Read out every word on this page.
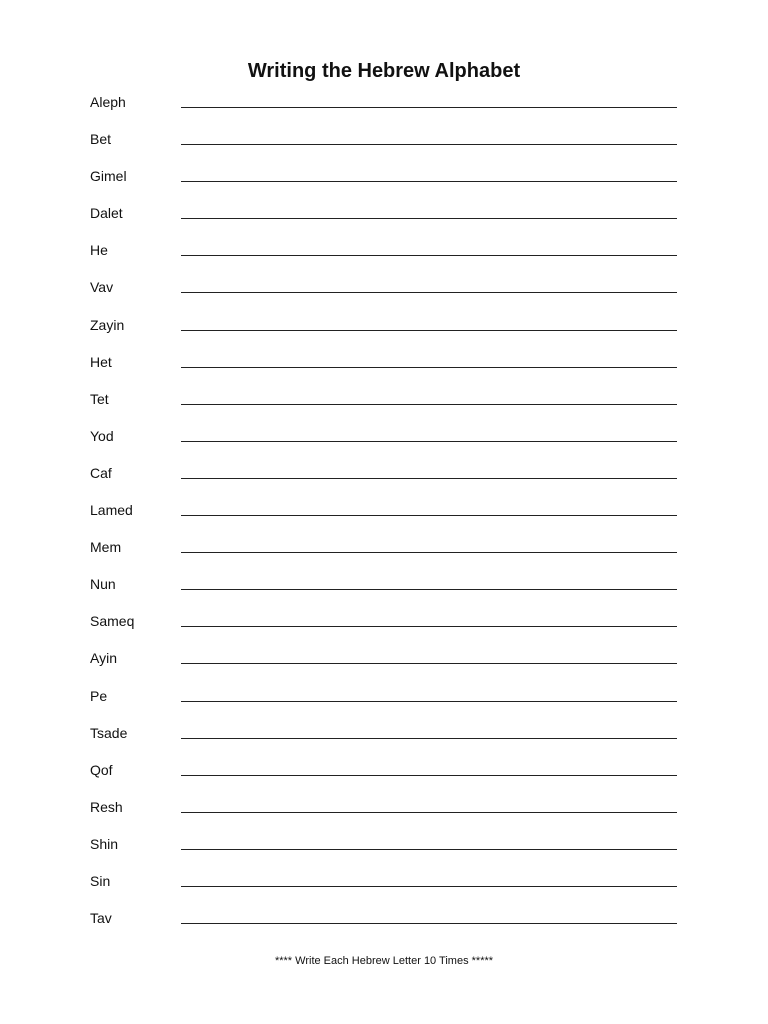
Writing the Hebrew Alphabet
Aleph
Bet
Gimel
Dalet
He
Vav
Zayin
Het
Tet
Yod
Caf
Lamed
Mem
Nun
Sameq
Ayin
Pe
Tsade
Qof
Resh
Shin
Sin
Tav
**** Write Each Hebrew Letter 10 Times *****
